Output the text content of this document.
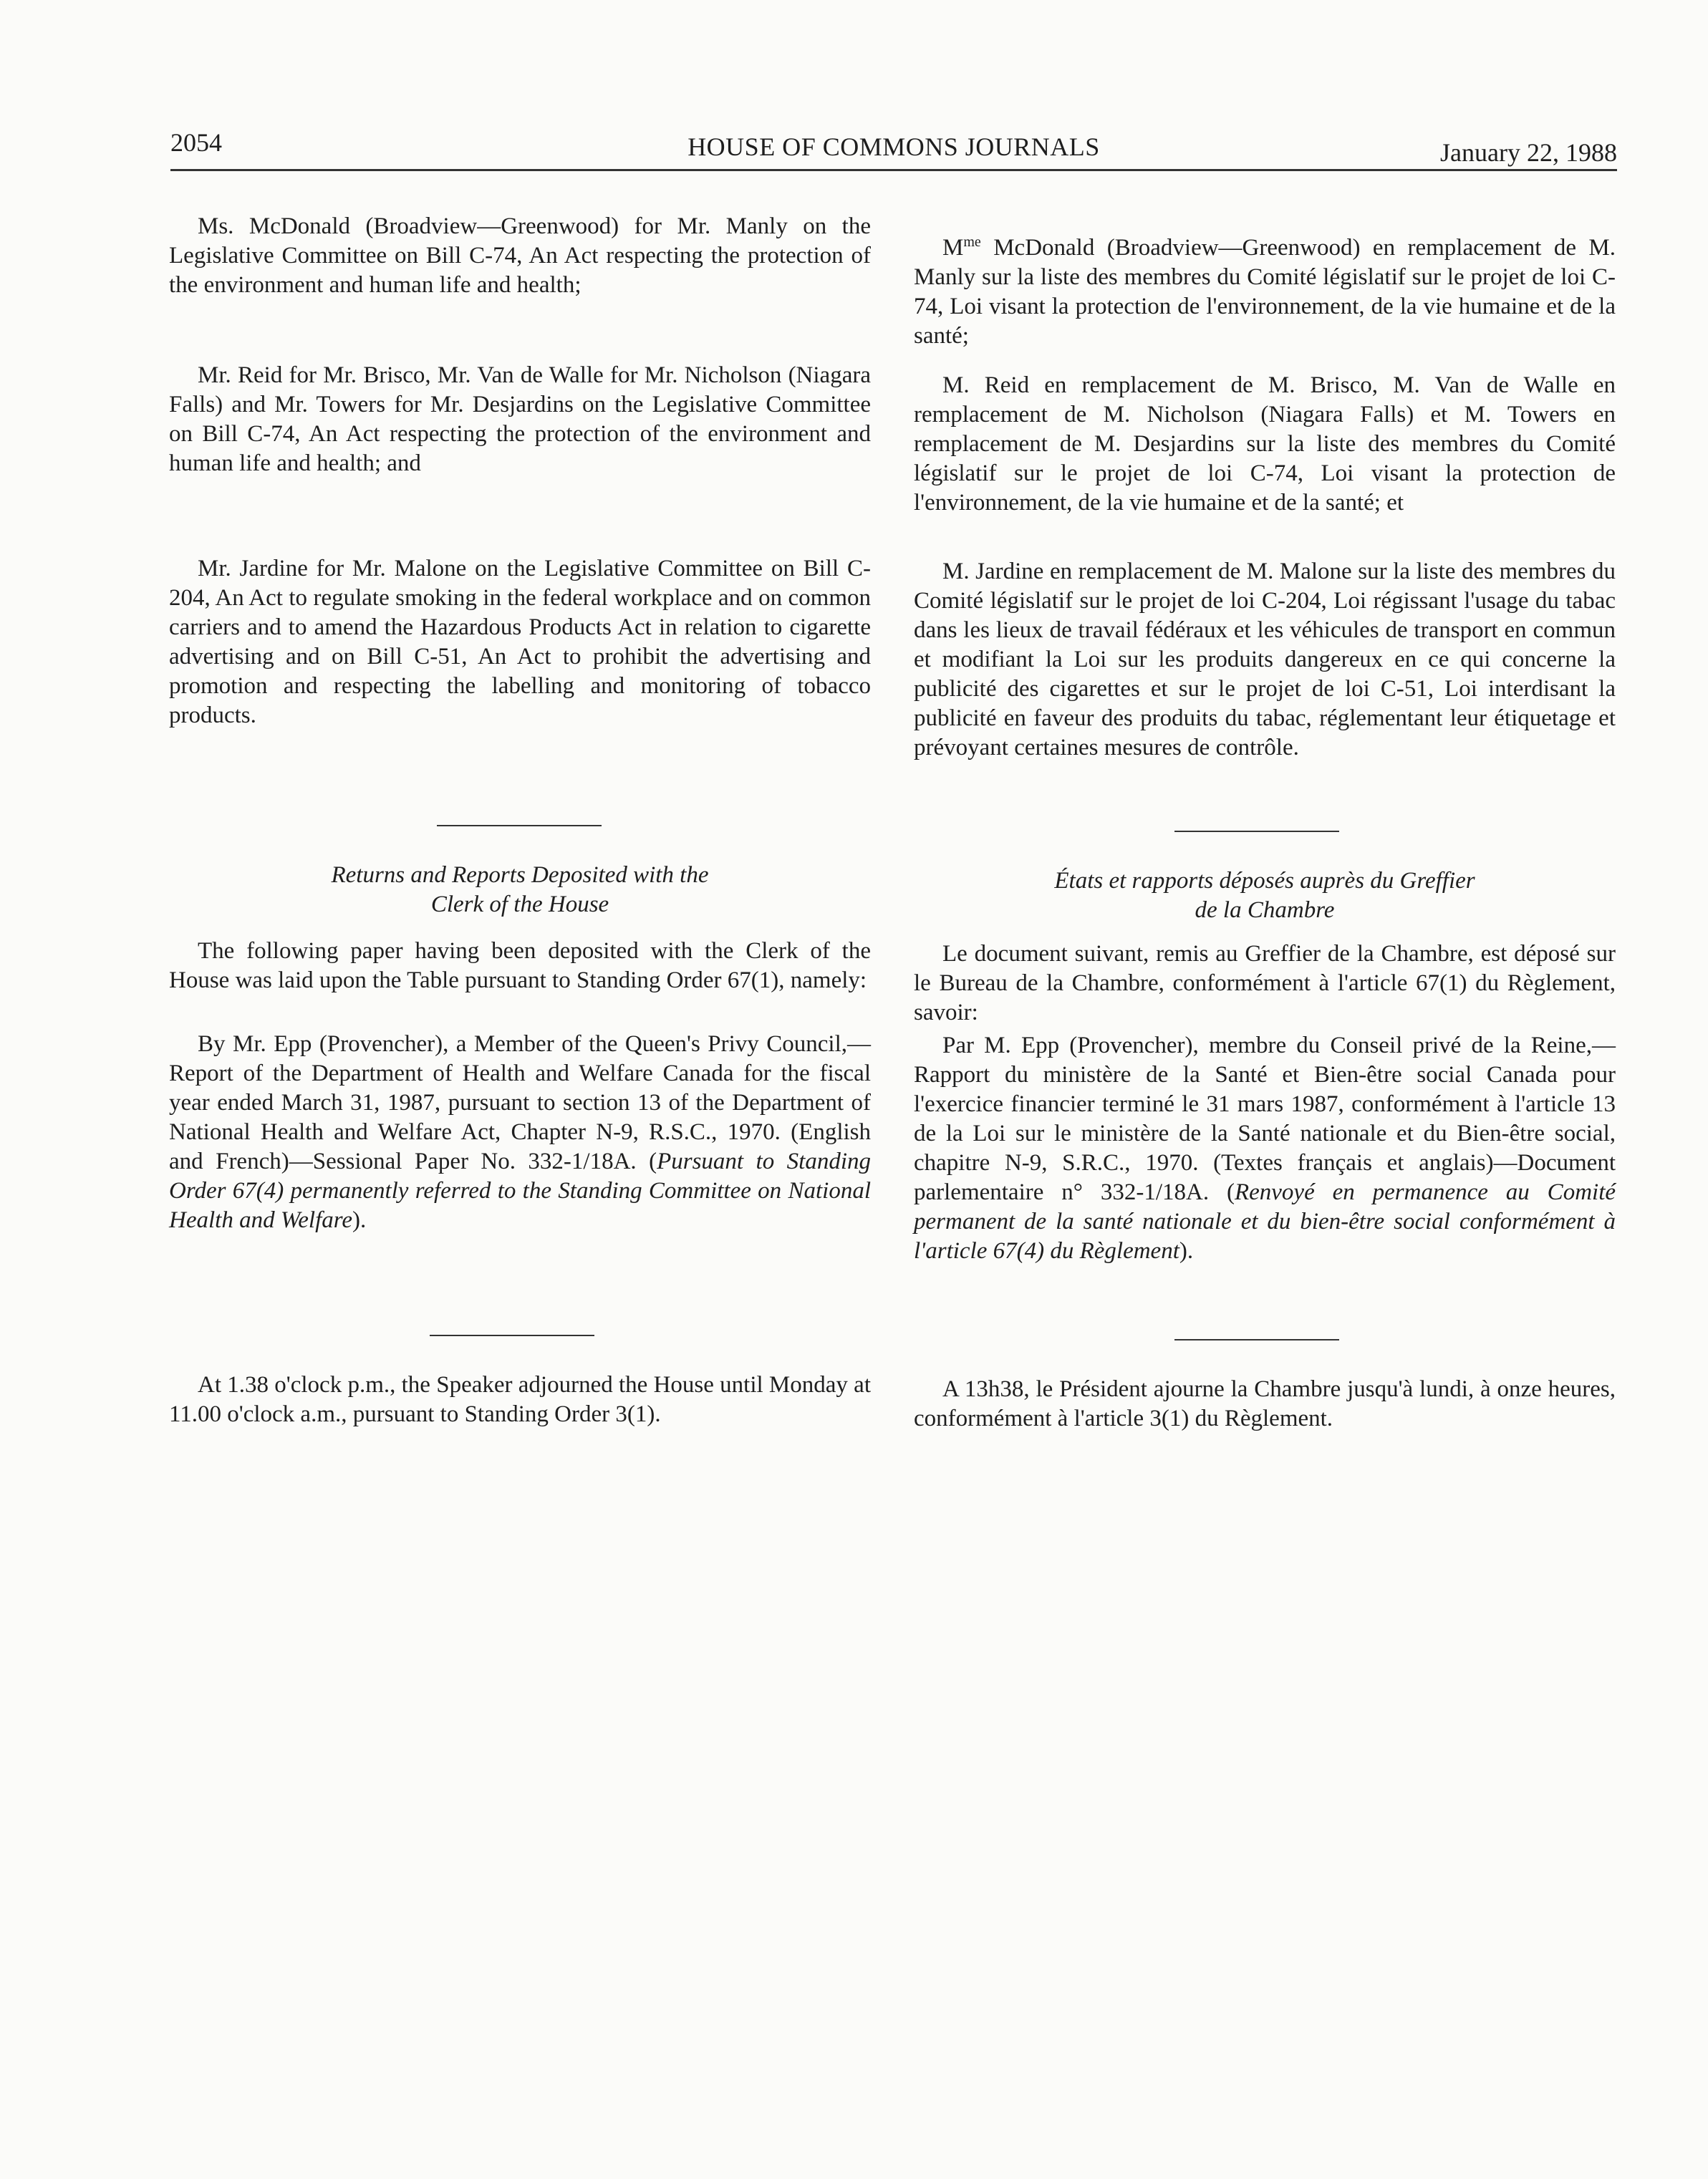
2054	HOUSE OF COMMONS JOURNALS	January 22, 1988

Ms. McDonald (Broadview—Greenwood) for Mr. Manly on the Legislative Committee on Bill C-74, An Act respecting the protection of the environment and human life and health;

Mr. Reid for Mr. Brisco, Mr. Van de Walle for Mr. Nicholson (Niagara Falls) and Mr. Towers for Mr. Desjardins on the Legislative Committee on Bill C-74, An Act respecting the protection of the environment and human life and health; and

Mr. Jardine for Mr. Malone on the Legislative Committee on Bill C-204, An Act to regulate smoking in the federal workplace and on common carriers and to amend the Hazardous Products Act in relation to cigarette advertising and on Bill C-51, An Act to prohibit the advertising and promotion and respecting the labelling and monitoring of tobacco products.

Returns and Reports Deposited with the
Clerk of the House

The following paper having been deposited with the Clerk of the House was laid upon the Table pursuant to Standing Order 67(1), namely:

By Mr. Epp (Provencher), a Member of the Queen's Privy Council,—Report of the Department of Health and Welfare Canada for the fiscal year ended March 31, 1987, pursuant to section 13 of the Department of National Health and Welfare Act, Chapter N-9, R.S.C., 1970. (English and French)—Sessional Paper No. 332-1/18A. (Pursuant to Standing Order 67(4) permanently referred to the Standing Committee on National Health and Welfare).

At 1.38 o'clock p.m., the Speaker adjourned the House until Monday at 11.00 o'clock a.m., pursuant to Standing Order 3(1).

$M^{me}$ McDonald (Broadview—Greenwood) en remplacement de M. Manly sur la liste des membres du Comité législatif sur le projet de loi C-74, Loi visant la protection de l'environnement, de la vie humaine et de la santé;

M. Reid en remplacement de M. Brisco, M. Van de Walle en remplacement de M. Nicholson (Niagara Falls) et M. Towers en remplacement de M. Desjardins sur la liste des membres du Comité législatif sur le projet de loi C-74, Loi visant la protection de l'environnement, de la vie humaine et de la santé; et

M. Jardine en remplacement de M. Malone sur la liste des membres du Comité législatif sur le projet de loi C-204, Loi régissant l'usage du tabac dans les lieux de travail fédéraux et les véhicules de transport en commun et modifiant la Loi sur les produits dangereux en ce qui concerne la publicité des cigarettes et sur le projet de loi C-51, Loi interdisant la publicité en faveur des produits du tabac, réglementant leur étiquetage et prévoyant certaines mesures de contrôle.

États et rapports déposés auprès du Greffier
de la Chambre

Le document suivant, remis au Greffier de la Chambre, est déposé sur le Bureau de la Chambre, conformément à l'article 67(1) du Règlement, savoir:

Par M. Epp (Provencher), membre du Conseil privé de la Reine,—Rapport du ministère de la Santé et Bien-être social Canada pour l'exercice financier terminé le 31 mars 1987, conformément à l'article 13 de la Loi sur le ministère de la Santé nationale et du Bien-être social, chapitre N-9, S.R.C., 1970. (Textes français et anglais)—Document parlementaire n° 332-1/18A. (Renvoyé en permanence au Comité permanent de la santé nationale et du bien-être social conformément à l'article 67(4) du Règlement).

A 13h38, le Président ajourne la Chambre jusqu'à lundi, à onze heures, conformément à l'article 3(1) du Règlement.
